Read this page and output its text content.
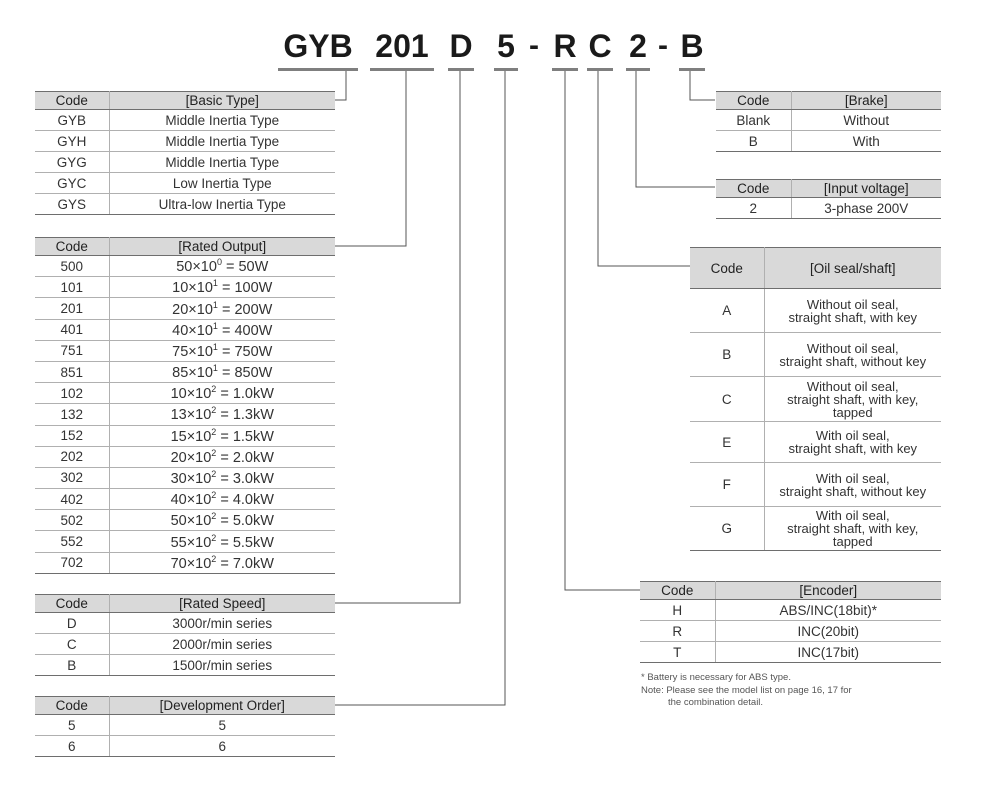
GYB 201 D 5 - R C 2 - B
Code	[Basic Type]
GYB	Middle Inertia Type
GYH	Middle Inertia Type
GYG	Middle Inertia Type
GYC	Low Inertia Type
GYS	Ultra-low Inertia Type
Code	[Rated Output]
500	$50\times 10^0 = 50W$
101	$10\times 10^1 = 100W$
201	$20\times 10^1 = 200W$
401	$40\times 10^1 = 400W$
751	$75\times 10^1 = 750W$
851	$85\times 10^1 = 850W$
102	$10\times 10^2 = 1.0kW$
132	$13\times 10^2 = 1.3kW$
152	$15\times 10^2 = 1.5kW$
202	$20\times 10^2 = 2.0kW$
302	$30\times 10^2 = 3.0kW$
402	$40\times 10^2 = 4.0kW$
502	$50\times 10^2 = 5.0kW$
552	$55\times 10^2 = 5.5kW$
702	$70\times 10^2 = 7.0kW$
Code	[Rated Speed]
D	3000r/min series
C	2000r/min series
B	1500r/min series
Code	[Development Order]
5	5
6	6
Code	[Brake]
Blank	Without
B	With
Code	[Input voltage]
2	3-phase 200V
Code	[Oil seal/shaft]
A	Without oil seal,
straight shaft, with key

B	Without oil seal,
straight shaft, without key

C	Without oil seal,
straight shaft, with key,
tapped

E	With oil seal,
straight shaft, with key

F	With oil seal,
straight shaft, without key

G	With oil seal,
straight shaft, with key,
tapped
Code	[Encoder]
H	ABS/INC(18bit)*
R	INC(20bit)
T	INC(17bit)
* Battery is necessary for ABS type.
Note: Please see the model list on page 16, 17 for
the combination detail.
